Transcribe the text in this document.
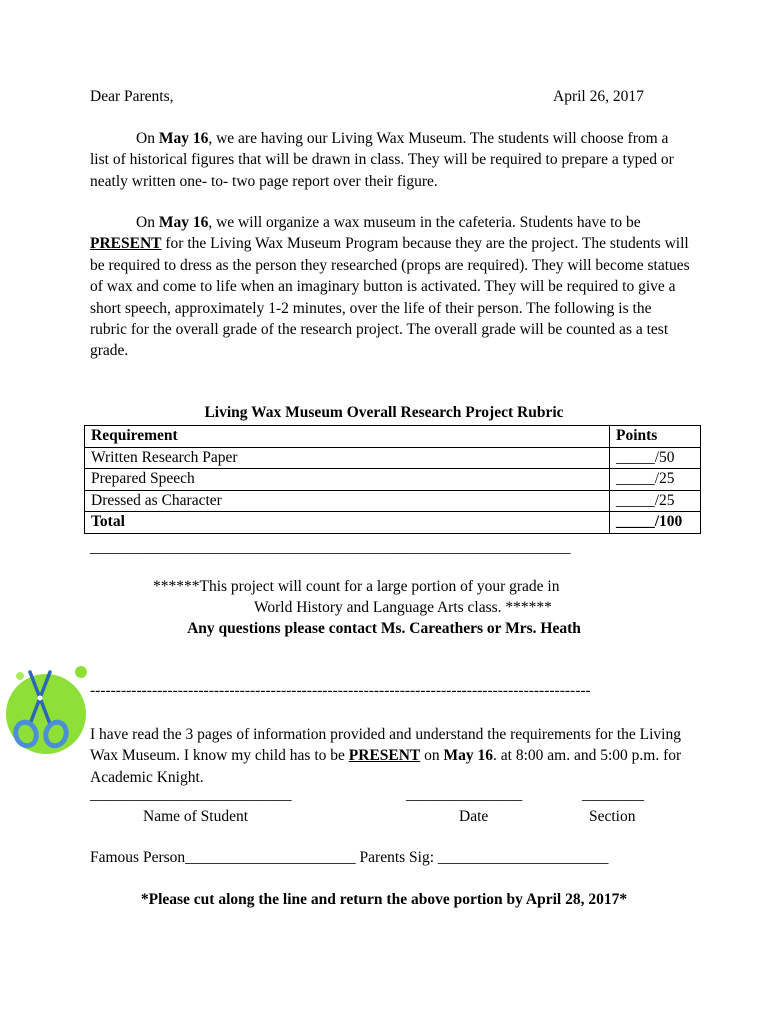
Dear Parents,	April 26, 2017

On May 16, we are having our Living Wax Museum. The students will choose from a list of historical figures that will be drawn in class. They will be required to prepare a typed or neatly written one- to- two page report over their figure.

On May 16, we will organize a wax museum in the cafeteria. Students have to be PRESENT for the Living Wax Museum Program because they are the project. The students will be required to dress as the person they researched (props are required). They will become statues of wax and come to life when an imaginary button is activated. They will be required to give a short speech, approximately 1-2 minutes, over the life of their person. The following is the rubric for the overall grade of the research project. The overall grade will be counted as a test grade.

Living Wax Museum Overall Research Project Rubric
Requirement	Points
Written Research Paper	_____/50
Prepared Speech	_____/25
Dressed as Character	_____/25
Total	_____/100
______________________________________________________________
******This project will count for a large portion of your grade in
World History and Language Arts class. ******
Any questions please contact Ms. Careathers or Mrs. Heath
-------------------------------------------------------------------------------------------------

I have read the 3 pages of information provided and understand the requirements for the Living Wax Museum. I know my child has to be PRESENT on May 16. at 8:00 am. and 5:00 p.m. for Academic Knight.

__________________________	_______________	________
Name of Student	Date	Section
Famous Person______________________ Parents Sig: ______________________
*Please cut along the line and return the above portion by April 28, 2017*
